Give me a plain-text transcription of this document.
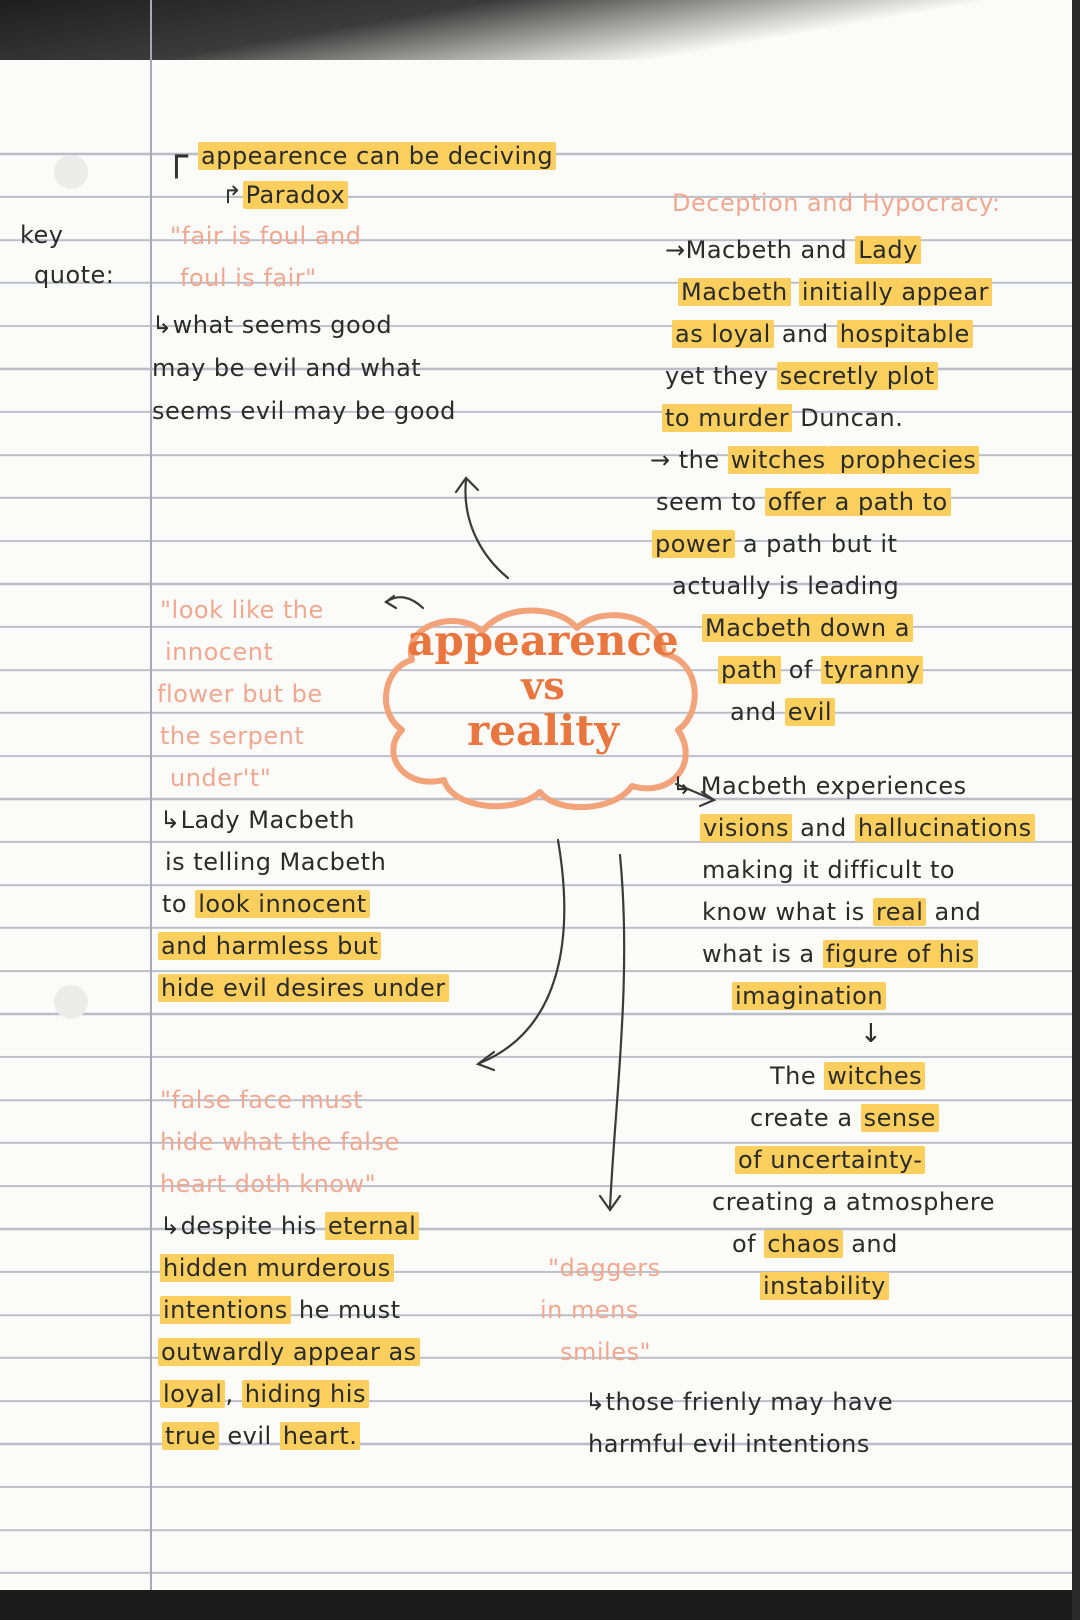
key
quote:
┌ appearence can be deciving
↱ Paradox
"fair is foul and
foul is fair"
↳what seems good
may be evil and what
seems evil may be good
Deception and Hypocracy:
→Macbeth and Lady
Macbeth initially appear
as loyal and hospitable
yet they secretly plot
to murder Duncan.
→ the witches prophecies
seem to offer a path to
power a path but it
actually is leading
Macbeth down a
path of tyranny
and evil
appearence
vs
reality
"look like the
innocent
flower but be
the serpent
under't"
↳Lady Macbeth
is telling Macbeth
to look innocent
and harmless but
hide evil desires under
↳ Macbeth experiences
visions and hallucinations
making it difficult to
know what is real and
what is a figure of his
imagination
↓
The witches
create a sense
of uncertainty-
creating a atmosphere
of chaos and
instability
"false face must
hide what the false
heart doth know"
↳despite his eternal
hidden murderous
intentions he must
outwardly appear as
loyal , hiding his
true evil heart.
"daggers
in mens
smiles"
↳those frienly may have
harmful evil intentions
